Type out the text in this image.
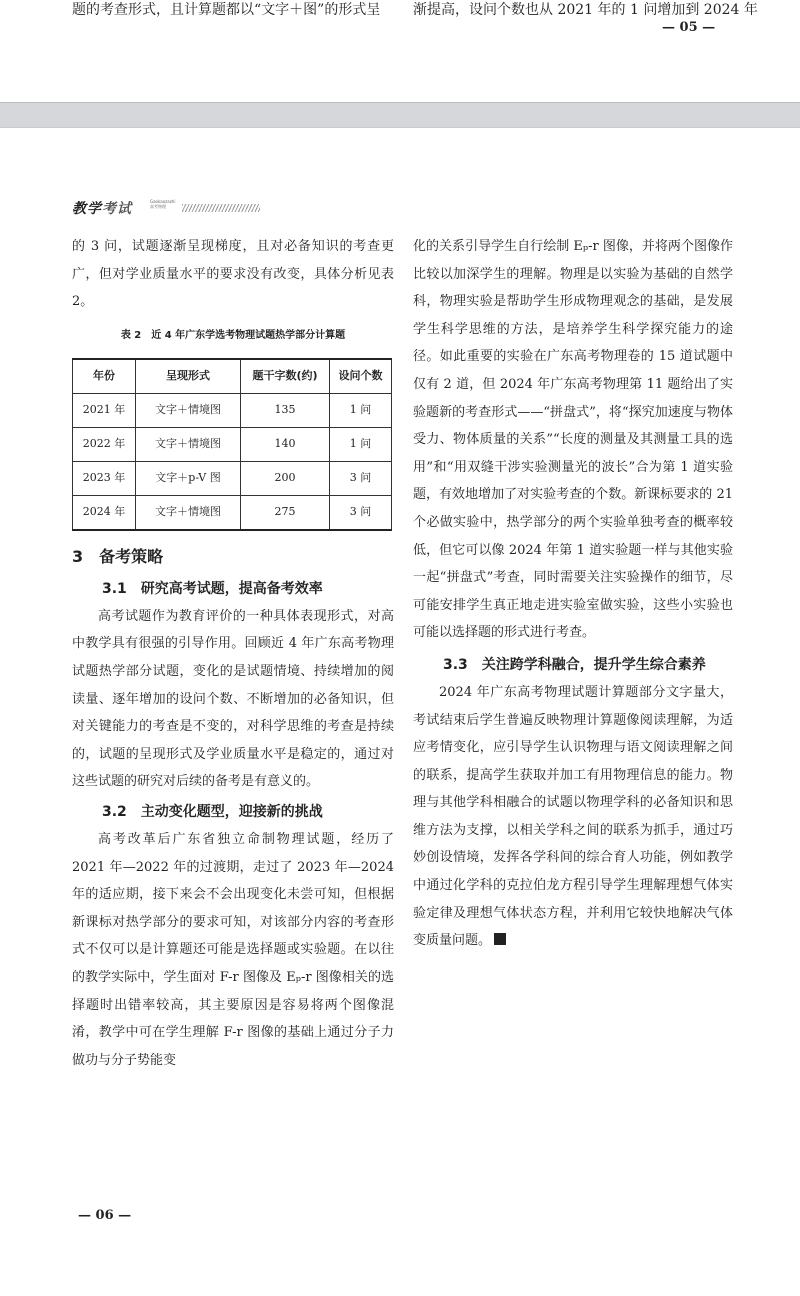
题的考查形式，且计算题都以“文字＋图”的形式呈 渐提高，设问个数也从 2021 年的 1 问增加到 2024 年
— 05 —
教学考试	Gaokaozazhi
高考物理

的 3 问，试题逐渐呈现梯度，且对必备知识的考查更广，但对学业质量水平的要求没有改变，具体分析见表 2。

表 2　近 4 年广东学选考物理试题热学部分计算题
年份	呈现形式	题干字数(约)	设问个数
2021 年	文字＋情境图	135	1 问
2022 年	文字＋情境图	140	1 问
2023 年	文字＋p-V 图	200	3 问
2024 年	文字＋情境图	275	3 问

3　备考策略

3.1　研究高考试题，提高备考效率

高考试题作为教育评价的一种具体表现形式，对高中教学具有很强的引导作用。回顾近 4 年广东高考物理试题热学部分试题，变化的是试题情境、持续增加的阅读量、逐年增加的设问个数、不断增加的必备知识，但对关键能力的考查是不变的，对科学思维的考查是持续的，试题的呈现形式及学业质量水平是稳定的，通过对这些试题的研究对后续的备考是有意义的。

3.2　主动变化题型，迎接新的挑战

高考改革后广东省独立命制物理试题，经历了 2021 年—2022 年的过渡期，走过了 2023 年—2024 年的适应期，接下来会不会出现变化未尝可知，但根据新课标对热学部分的要求可知，对该部分内容的考查形式不仅可以是计算题还可能是选择题或实验题。在以往的教学实际中，学生面对 F-r 图像及 Eₚ-r 图像相关的选择题时出错率较高，其主要原因是容易将两个图像混淆，教学中可在学生理解 F-r 图像的基础上通过分子力做功与分子势能变

化的关系引导学生自行绘制 Eₚ-r 图像，并将两个图像作比较以加深学生的理解。物理是以实验为基础的自然学科，物理实验是帮助学生形成物理观念的基础，是发展学生科学思维的方法，是培养学生科学探究能力的途径。如此重要的实验在广东高考物理卷的 15 道试题中仅有 2 道，但 2024 年广东高考物理第 11 题给出了实验题新的考查形式——“拼盘式”，将“探究加速度与物体受力、物体质量的关系”“长度的测量及其测量工具的选用”和“用双缝干涉实验测量光的波长”合为第 1 道实验题，有效地增加了对实验考查的个数。新课标要求的 21 个必做实验中，热学部分的两个实验单独考查的概率较低，但它可以像 2024 年第 1 道实验题一样与其他实验一起“拼盘式”考查，同时需要关注实验操作的细节，尽可能安排学生真正地走进实验室做实验，这些小实验也可能以选择题的形式进行考查。

3.3　关注跨学科融合，提升学生综合素养

2024 年广东高考物理试题计算题部分文字量大，考试结束后学生普遍反映物理计算题像阅读理解，为适应考情变化，应引导学生认识物理与语文阅读理解之间的联系，提高学生获取并加工有用物理信息的能力。物理与其他学科相融合的试题以物理学科的必备知识和思维方法为支撑，以相关学科之间的联系为抓手，通过巧妙创设情境，发挥各学科间的综合育人功能，例如教学中通过化学科的克拉伯龙方程引导学生理解理想气体实验定律及理想气体状态方程，并利用它较快地解决气体变质量问题。

— 06 —
